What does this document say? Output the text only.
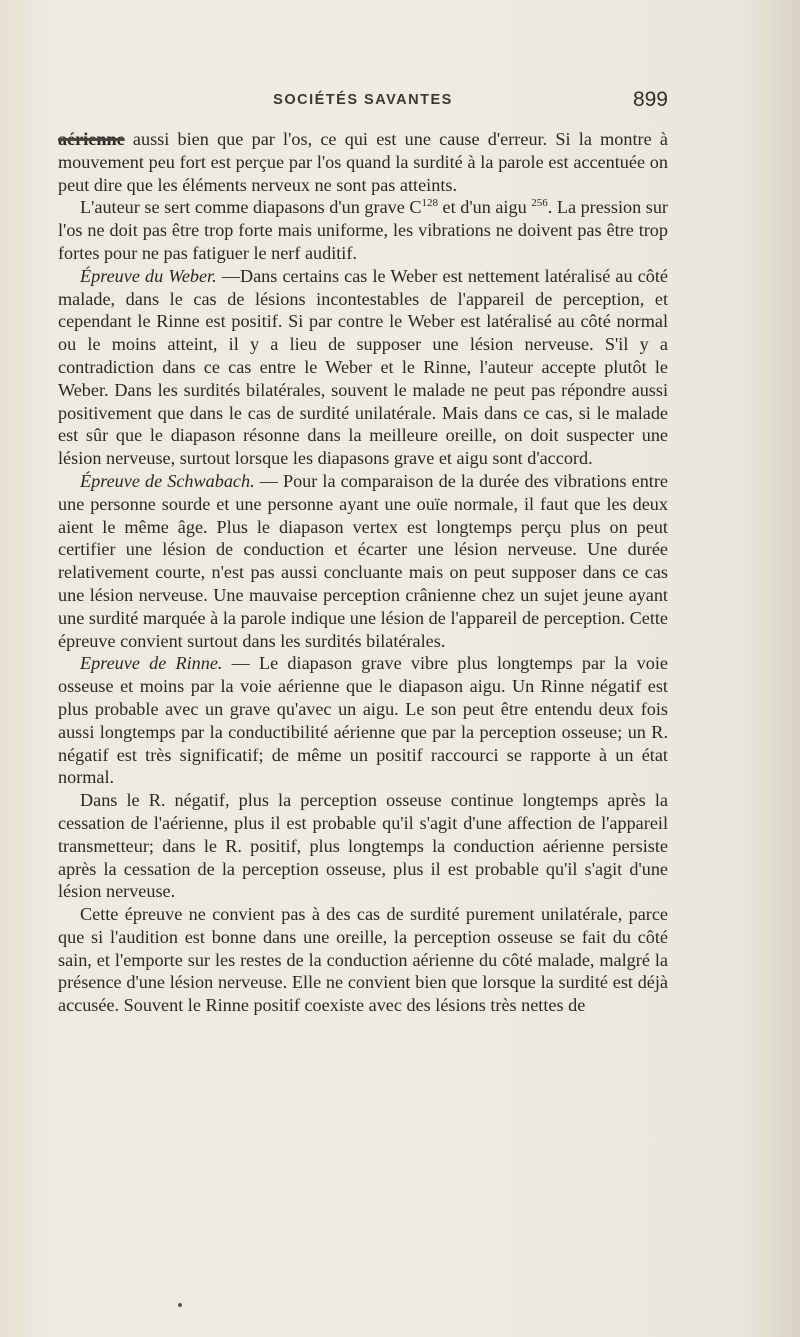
SOCIÉTÉS SAVANTES	899

aérienne aussi bien que par l'os, ce qui est une cause d'erreur. Si la montre à mouvement peu fort est perçue par l'os quand la surdité à la parole est accentuée on peut dire que les éléments nerveux ne sont pas atteints.

L'auteur se sert comme diapasons d'un grave $C^{128}$ et d'un aigu $^{256}$. La pression sur l'os ne doit pas être trop forte mais uniforme, les vibrations ne doivent pas être trop fortes pour ne pas fatiguer le nerf auditif.

Épreuve du Weber. —Dans certains cas le Weber est nettement latéralisé au côté malade, dans le cas de lésions incontestables de l'appareil de perception, et cependant le Rinne est positif. Si par contre le Weber est latéralisé au côté normal ou le moins atteint, il y a lieu de supposer une lésion nerveuse. S'il y a contradiction dans ce cas entre le Weber et le Rinne, l'auteur accepte plutôt le Weber. Dans les surdités bilatérales, souvent le malade ne peut pas répondre aussi positivement que dans le cas de surdité unilatérale. Mais dans ce cas, si le malade est sûr que le diapason résonne dans la meilleure oreille, on doit suspecter une lésion nerveuse, surtout lorsque les diapasons grave et aigu sont d'accord.

Épreuve de Schwabach. — Pour la comparaison de la durée des vibrations entre une personne sourde et une personne ayant une ouïe normale, il faut que les deux aient le même âge. Plus le diapason vertex est longtemps perçu plus on peut certifier une lésion de conduction et écarter une lésion nerveuse. Une durée relativement courte, n'est pas aussi concluante mais on peut supposer dans ce cas une lésion nerveuse. Une mauvaise perception crânienne chez un sujet jeune ayant une surdité marquée à la parole indique une lésion de l'appareil de perception. Cette épreuve convient surtout dans les surdités bilatérales.

Epreuve de Rinne. — Le diapason grave vibre plus longtemps par la voie osseuse et moins par la voie aérienne que le diapason aigu. Un Rinne négatif est plus probable avec un grave qu'avec un aigu. Le son peut être entendu deux fois aussi longtemps par la conductibilité aérienne que par la perception osseuse; un R. négatif est très significatif; de même un positif raccourci se rapporte à un état normal.

Dans le R. négatif, plus la perception osseuse continue longtemps après la cessation de l'aérienne, plus il est probable qu'il s'agit d'une affection de l'appareil transmetteur; dans le R. positif, plus longtemps la conduction aérienne persiste après la cessation de la perception osseuse, plus il est probable qu'il s'agit d'une lésion nerveuse.

Cette épreuve ne convient pas à des cas de surdité purement unilatérale, parce que si l'audition est bonne dans une oreille, la perception osseuse se fait du côté sain, et l'emporte sur les restes de la conduction aérienne du côté malade, malgré la présence d'une lésion nerveuse. Elle ne convient bien que lorsque la surdité est déjà accusée. Souvent le Rinne positif coexiste avec des lésions très nettes de
